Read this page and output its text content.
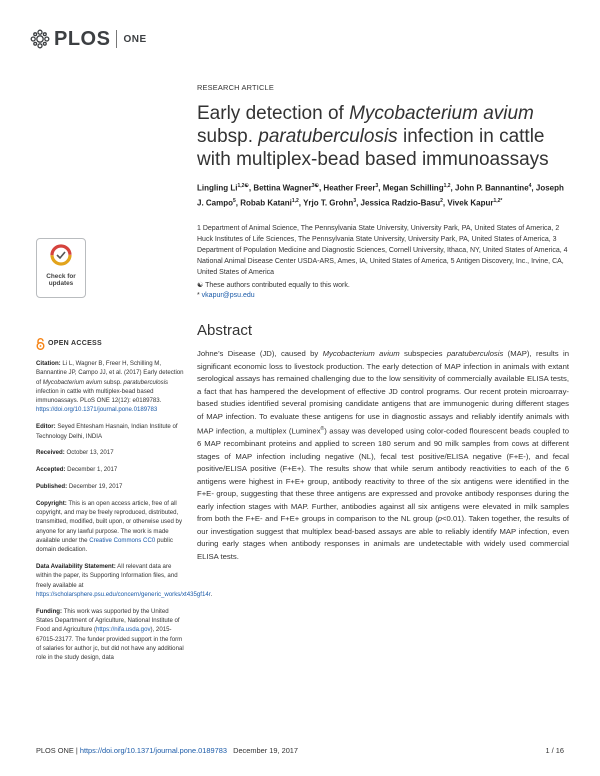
PLOS ONE
RESEARCH ARTICLE
Early detection of Mycobacterium avium subsp. paratuberculosis infection in cattle with multiplex-bead based immunoassays
Lingling $Li^{1,2☯}$, Bettina Wagner$^{3☯}$, Heather Freer$^3$, Megan Schilling$^{1,2}$, John P. Bannantine$^4$, Joseph J. Campo$^5$, Robab Katani$^{1,2}$, Yrjo T. Grohn$^3$, Jessica Radzio-Basu$^2$, Vivek Kapur$^{1,2*}$
1 Department of Animal Science, The Pennsylvania State University, University Park, PA, United States of America, 2 Huck Institutes of Life Sciences, The Pennsylvania State University, University Park, PA, United States of America, 3 Department of Population Medicine and Diagnostic Sciences, Cornell University, Ithaca, NY, United States of America, 4 National Animal Disease Center USDA-ARS, Ames, IA, United States of America, 5 Antigen Discovery, Inc., Irvine, CA, United States of America
☯ These authors contributed equally to this work.
* vkapur@psu.edu
Check for
updates
OPEN ACCESS
Citation: Li L, Wagner B, Freer H, Schilling M, Bannantine JP, Campo JJ, et al. (2017) Early detection of Mycobacterium avium subsp. paratuberculosis infection in cattle with multiplex-bead based immunoassays. PLoS ONE 12(12): e0189783. https://doi.org/10.1371/journal.pone.0189783
Editor: Seyed Ehtesham Hasnain, Indian Institute of Technology Delhi, INDIA
Received: October 13, 2017
Accepted: December 1, 2017
Published: December 19, 2017
Copyright: This is an open access article, free of all copyright, and may be freely reproduced, distributed, transmitted, modified, built upon, or otherwise used by anyone for any lawful purpose. The work is made available under the Creative Commons CC0 public domain dedication.
Data Availability Statement: All relevant data are within the paper, its Supporting Information files, and freely available at https://scholarsphere.psu.edu/concern/generic_works/xt435gf14r.
Funding: This work was supported by the United States Department of Agriculture, National Institute of Food and Agriculture (https://nifa.usda.gov), 2015-67015-23177. The funder provided support in the form of salaries for author jc, but did not have any additional role in the study design, data
Abstract
Johne’s Disease (JD), caused by Mycobacterium avium subspecies paratuberculosis (MAP), results in significant economic loss to livestock production. The early detection of MAP infection in animals with extant serological assays has remained challenging due to the low sensitivity of commercially available ELISA tests, a fact that has hampered the development of effective JD control programs. Our recent protein microarray-based studies identified several promising candidate antigens that are immunogenic during different stages of MAP infection. To evaluate these antigens for use in diagnostic assays and reliably identify animals with MAP infection, a multiplex (Luminex®) assay was developed using color-coded flourescent beads coupled to 6 MAP recombinant proteins and applied to screen 180 serum and 90 milk samples from cows at different stages of MAP infection including negative (NL), fecal test positive/ELISA negative (F+E-), and fecal positive/ELISA positive (F+E+). The results show that while serum antibody reactivities to each of the 6 antigens were highest in F+E+ group, antibody reactivity to three of the six antigens were identified in the F+E- group, suggesting that these three antigens are expressed and provoke antibody responses during the early infection stages with MAP. Further, antibodies against all six antigens were elevated in milk samples from both the F+E- and F+E+ groups in comparison to the NL group (p<0.01). Taken together, the results of our investigation suggest that multiplex bead-based assays are able to reliably identify MAP infection, even during early stages when antibody responses in animals are undetectable with widely used commercial ELISA tests.
PLOS ONE | https://doi.org/10.1371/journal.pone.0189783 December 19, 2017	1 / 16
